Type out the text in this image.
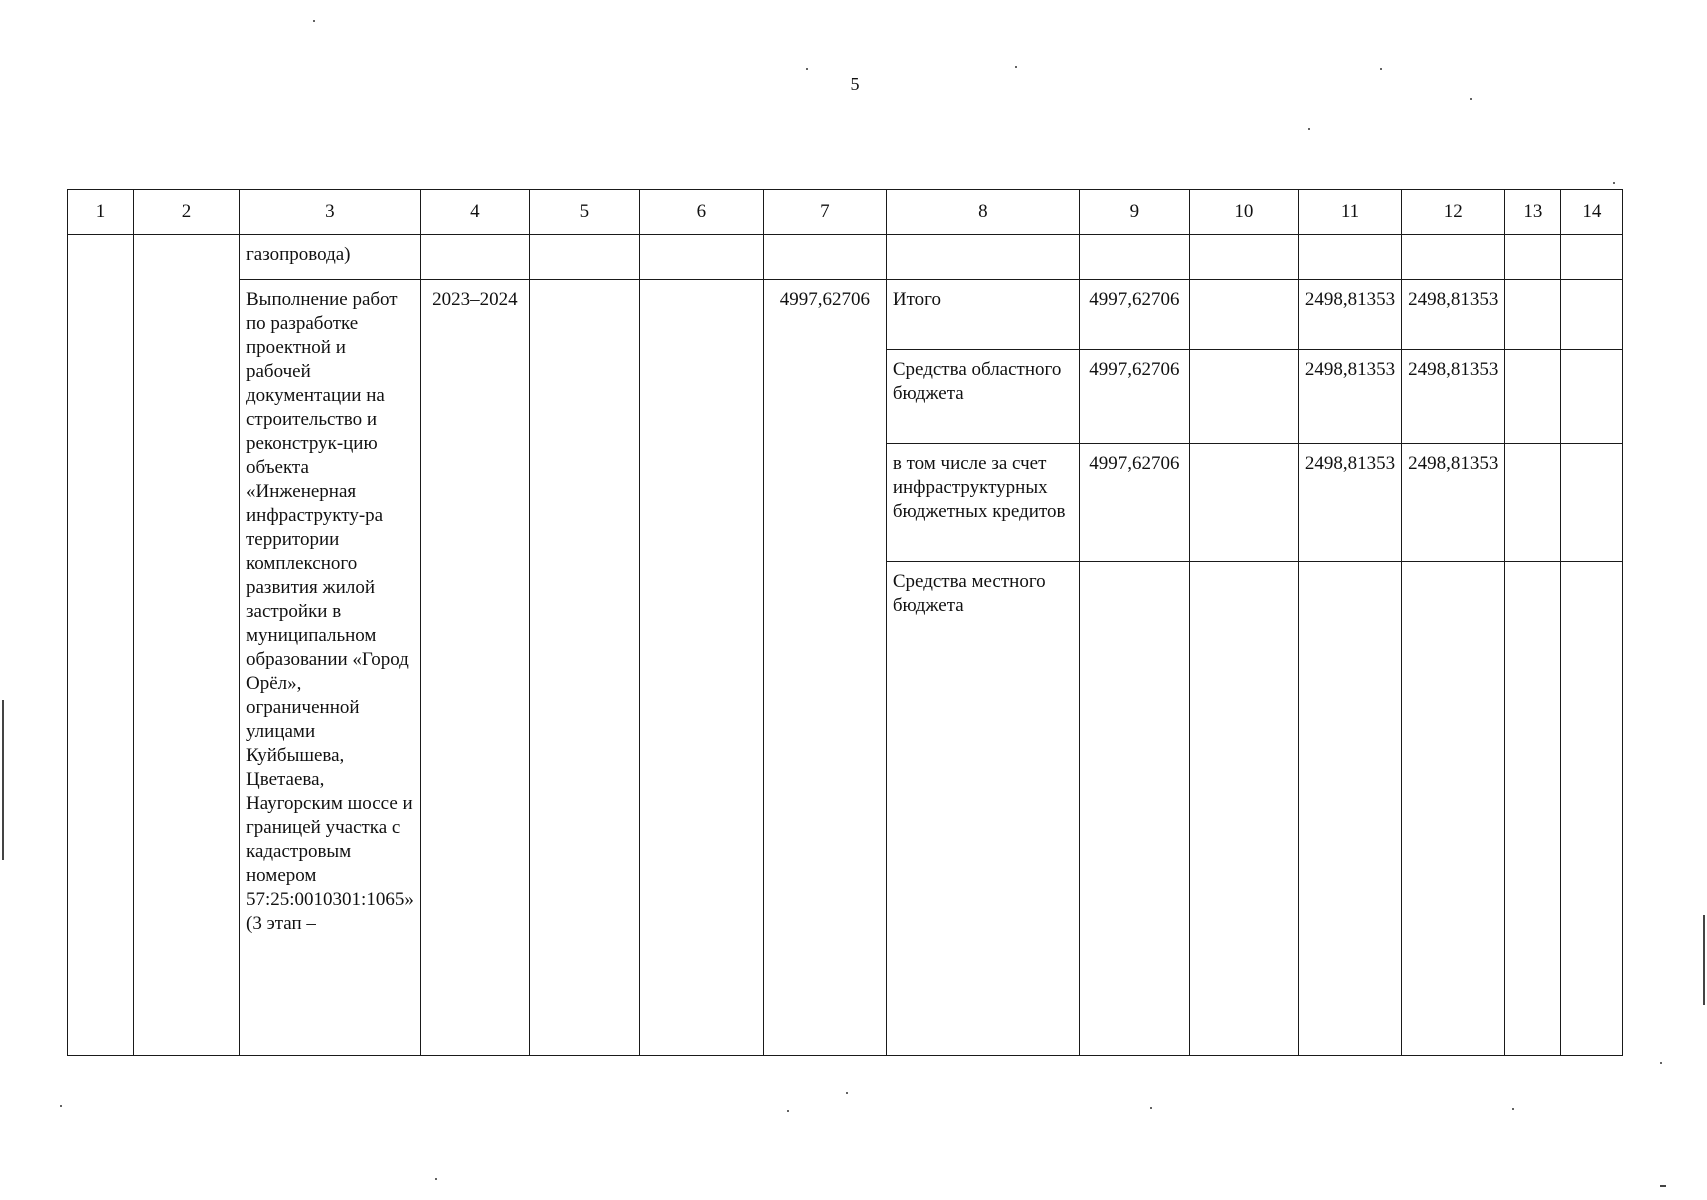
5
1	2	3	4	5	6	7	8	9	10	11	12	13	14
		газопровода)											
		Выполнение работ по разработке проектной и рабочей документации на строительство и реконструк-цию объекта «Инженерная инфраструкту-ра территории комплексного развития жилой застройки в муниципальном образовании «Город Орёл», ограниченной улицами Куйбышева, Цветаева, Наугорским шоссе и границей участка с кадастровым номером 57:25:0010301:1065» (3 этап –	2023–2024			4997,62706	Итого	4997,62706		2498,81353	2498,81353		
							Средства областного бюджета	4997,62706		2498,81353	2498,81353		
							в том числе за счет инфраструктурных бюджетных кредитов	4997,62706		2498,81353	2498,81353		
							Средства местного бюджета						
